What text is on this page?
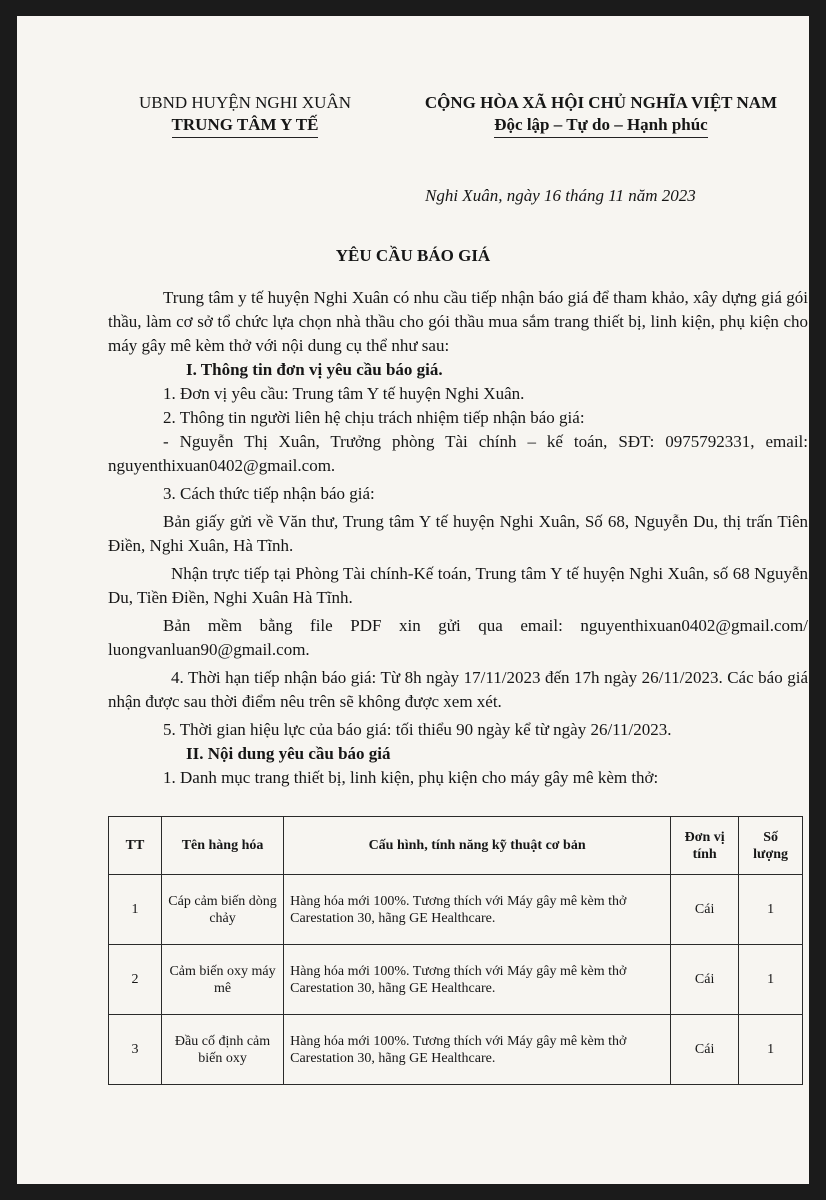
UBND HUYỆN NGHI XUÂN
TRUNG TÂM Y TẾ
CỘNG HÒA XÃ HỘI CHỦ NGHĨA VIỆT NAM
Độc lập – Tự do – Hạnh phúc
Nghi Xuân, ngày 16 tháng 11 năm 2023
YÊU CẦU BÁO GIÁ

Trung tâm y tế huyện Nghi Xuân có nhu cầu tiếp nhận báo giá để tham khảo, xây dựng giá gói thầu, làm cơ sở tổ chức lựa chọn nhà thầu cho gói thầu mua sắm trang thiết bị, linh kiện, phụ kiện cho máy gây mê kèm thở với nội dung cụ thể như sau:

I. Thông tin đơn vị yêu cầu báo giá.

1. Đơn vị yêu cầu: Trung tâm Y tế huyện Nghi Xuân.

2. Thông tin người liên hệ chịu trách nhiệm tiếp nhận báo giá:

- Nguyễn Thị Xuân, Trưởng phòng Tài chính – kế toán, SĐT: 0975792331, email: nguyenthixuan0402@gmail.com.

3. Cách thức tiếp nhận báo giá:

Bản giấy gửi về Văn thư, Trung tâm Y tế huyện Nghi Xuân, Số 68, Nguyễn Du, thị trấn Tiên Điền, Nghi Xuân, Hà Tĩnh.

Nhận trực tiếp tại Phòng Tài chính-Kế toán, Trung tâm Y tế huyện Nghi Xuân, số 68 Nguyễn Du, Tiền Điền, Nghi Xuân Hà Tĩnh.

Bản mềm bằng file PDF xin gửi qua email: nguyenthixuan0402@gmail.com/ luongvanluan90@gmail.com.

4. Thời hạn tiếp nhận báo giá: Từ 8h ngày 17/11/2023 đến 17h ngày 26/11/2023. Các báo giá nhận được sau thời điểm nêu trên sẽ không được xem xét.

5. Thời gian hiệu lực của báo giá: tối thiểu 90 ngày kể từ ngày 26/11/2023.

II. Nội dung yêu cầu báo giá

1. Danh mục trang thiết bị, linh kiện, phụ kiện cho máy gây mê kèm thở:

TT	Tên hàng hóa	Cấu hình, tính năng kỹ thuật cơ bản	Đơn vị tính	Số lượng
1	Cáp cảm biến dòng chảy	Hàng hóa mới 100%. Tương thích với Máy gây mê kèm thở Carestation 30, hãng GE Healthcare.	Cái	1
2	Cảm biến oxy máy mê	Hàng hóa mới 100%. Tương thích với Máy gây mê kèm thở Carestation 30, hãng GE Healthcare.	Cái	1
3	Đầu cố định cảm biến oxy	Hàng hóa mới 100%. Tương thích với Máy gây mê kèm thở Carestation 30, hãng GE Healthcare.	Cái	1
